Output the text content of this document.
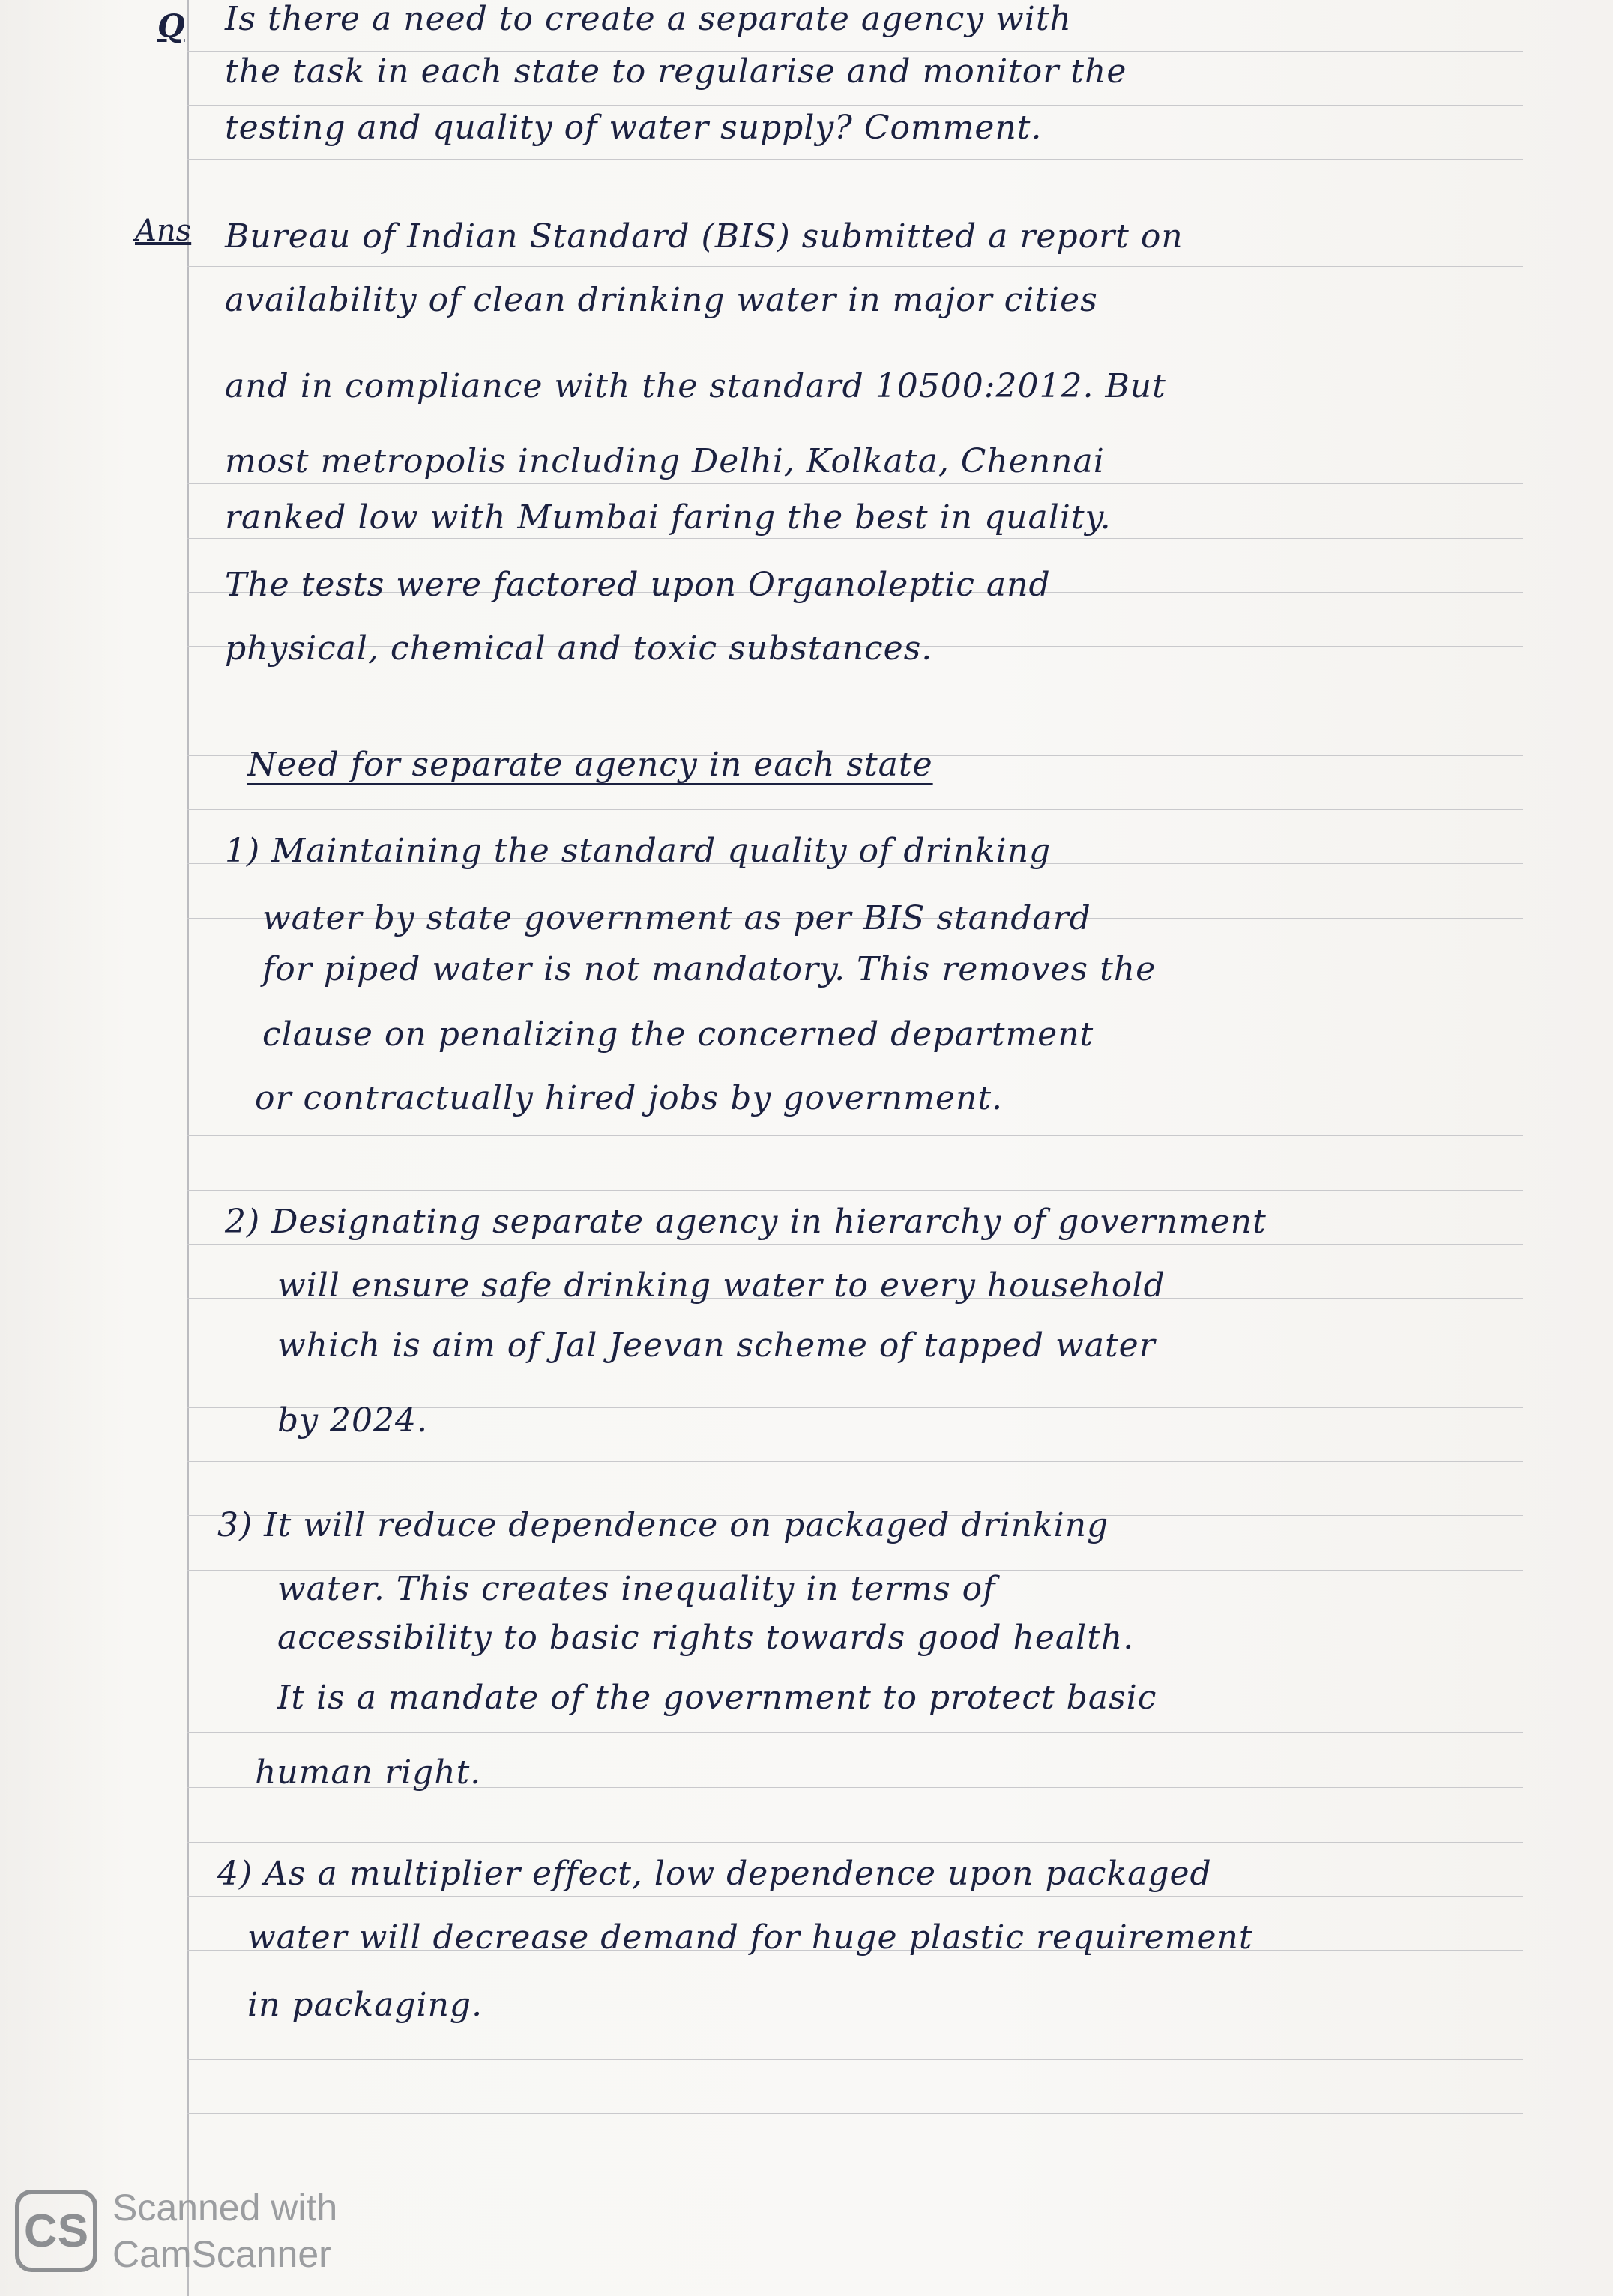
Q Is there a need to create a separate agency with
the task in each state to regularise and monitor the
testing and quality of water supply? Comment.
Ans Bureau of Indian Standard (BIS) submitted a report on
availability of clean drinking water in major cities
and in compliance with the standard 10500:2012. But
most metropolis including Delhi, Kolkata, Chennai
ranked low with Mumbai faring the best in quality.
The tests were factored upon Organoleptic and
physical, chemical and toxic substances.
Need for separate agency in each state
1) Maintaining the standard quality of drinking
water by state government as per BIS standard
for piped water is not mandatory. This removes the
clause on penalizing the concerned department
or contractually hired jobs by government.
2) Designating separate agency in hierarchy of government
will ensure safe drinking water to every household
which is aim of Jal Jeevan scheme of tapped water
by 2024.
3) It will reduce dependence on packaged drinking
water. This creates inequality in terms of
accessibility to basic rights towards good health.
It is a mandate of the government to protect basic
human right.
4) As a multiplier effect, low dependence upon packaged
water will decrease demand for huge plastic requirement
in packaging.
CS Scanned with
CamScanner
